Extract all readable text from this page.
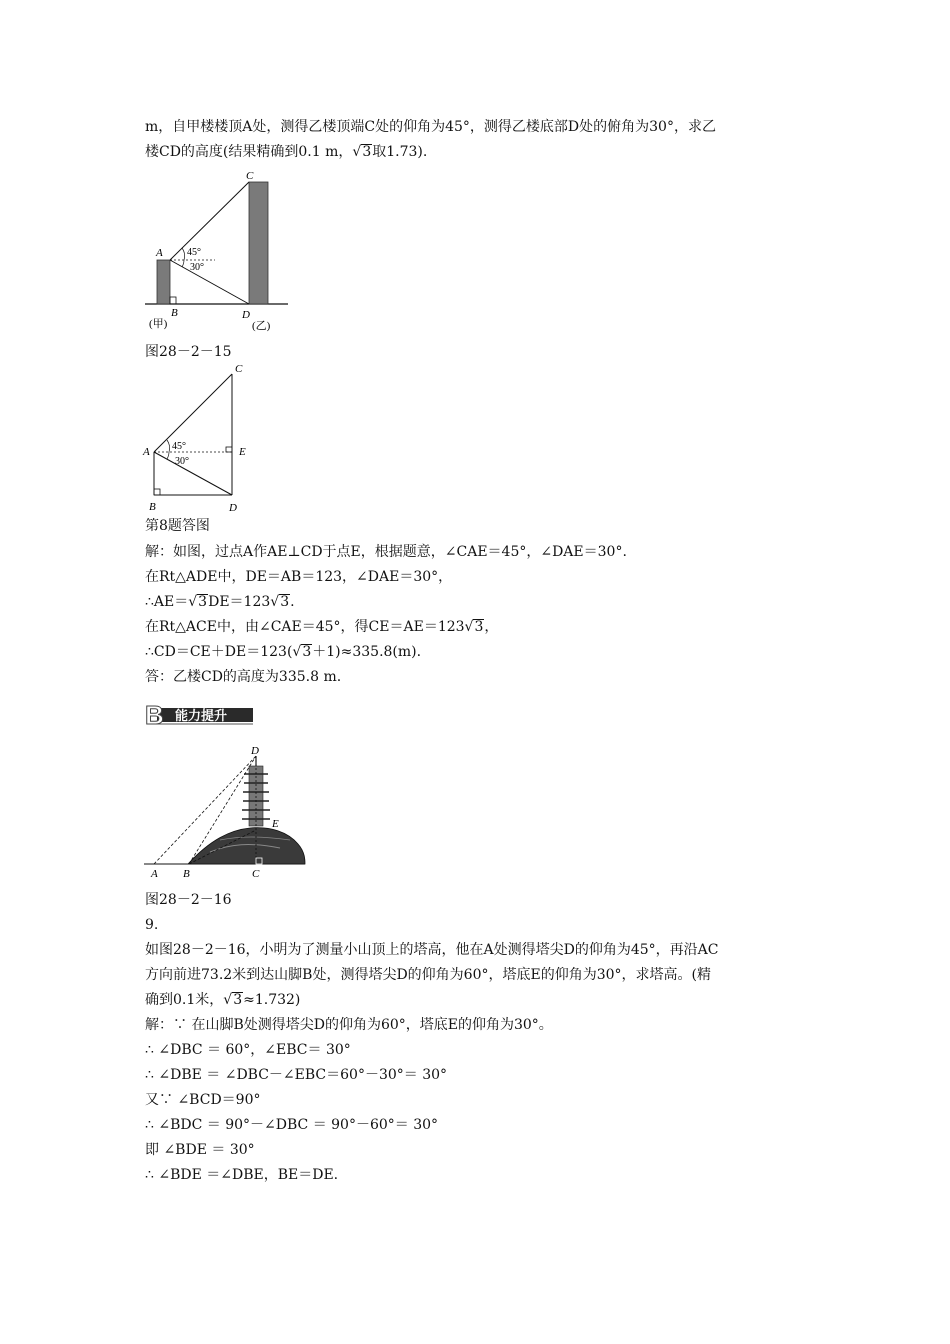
m，自甲楼楼顶A处，测得乙楼顶端C处的仰角为45°，测得乙楼底部D处的俯角为30°，求乙
楼CD的高度(结果精确到0.1 m，√3取1.73).
C
A
B	D
(甲)	(乙)
45°
30°
图28－2－15
C
A	E
B	D
45°
30°
第8题答图
解：如图，过点A作AE⊥CD于点E，根据题意，∠CAE＝45°，∠DAE＝30°.
在Rt△ADE中，DE＝AB＝123，∠DAE＝30°，
∴AE＝√3DE＝123√3.
在Rt△ACE中，由∠CAE＝45°，得CE＝AE＝123√3，
∴CD＝CE＋DE＝123(√3＋1)≈335.8(m).
答：乙楼CD的高度为335.8 m.
B 能力提升
D
E
A B	C
图28－2－16
9.
如图28－2－16，小明为了测量小山顶上的塔高，他在A处测得塔尖D的仰角为45°，再沿AC
方向前进73.2米到达山脚B处，测得塔尖D的仰角为60°，塔底E的仰角为30°，求塔高。(精
确到0.1米，√3≈1.732)
解：∵ 在山脚B处测得塔尖D的仰角为60°，塔底E的仰角为30°。
∴ ∠DBC ＝ 60°，∠EBC＝ 30°
∴ ∠DBE ＝ ∠DBC－∠EBC＝60°－30°＝ 30°
又∵ ∠BCD＝90°
∴ ∠BDC ＝ 90°－∠DBC ＝ 90°－60°＝ 30°
即 ∠BDE ＝ 30°
∴ ∠BDE ＝∠DBE，BE＝DE.
